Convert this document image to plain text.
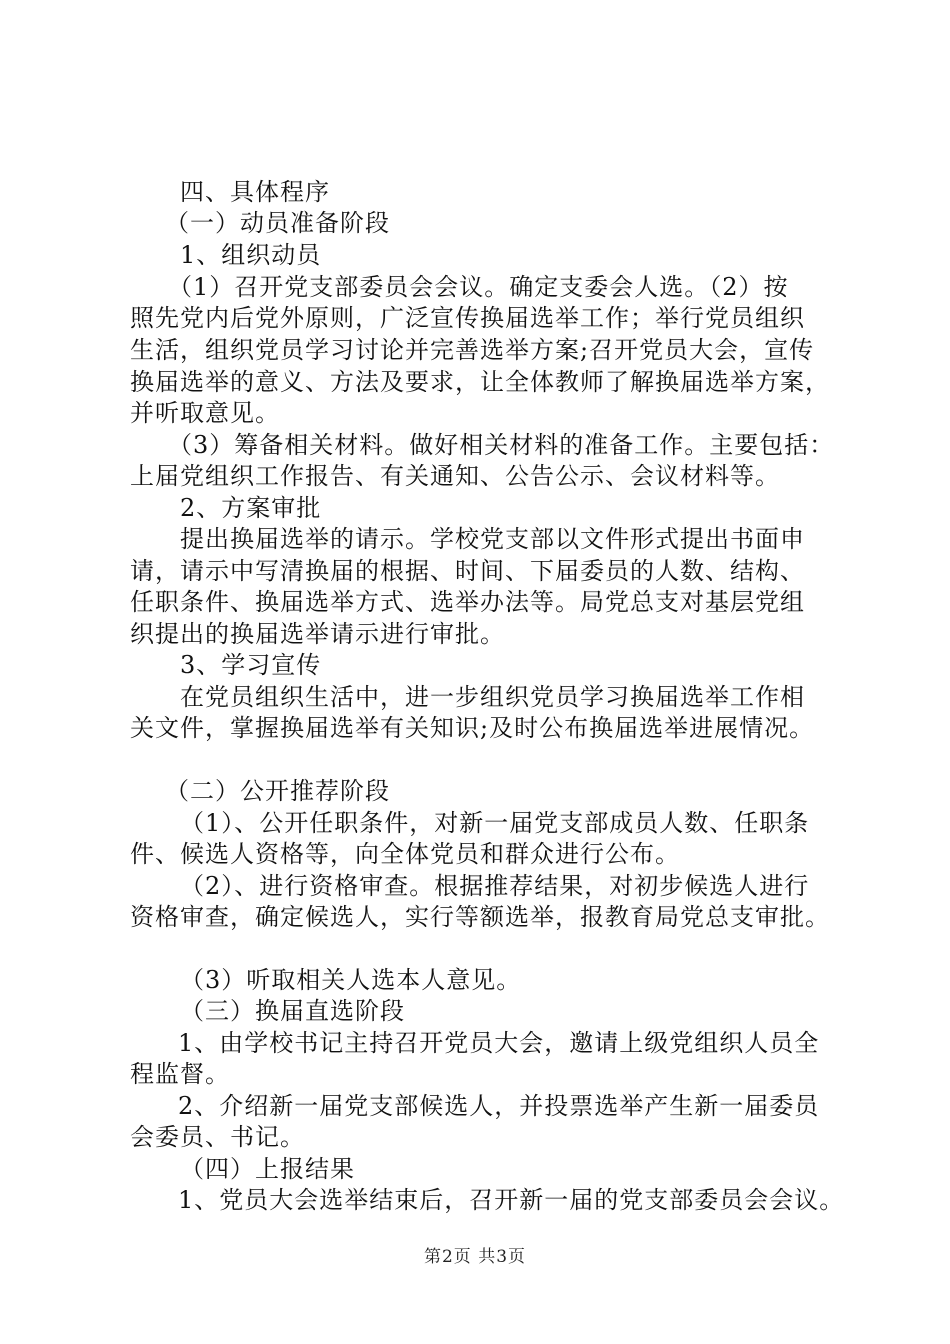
四、具体程序
（一）动员准备阶段
1、组织动员
（1）召开党支部委员会会议。确定支委会人选。（2）按
照先党内后党外原则，广泛宣传换届选举工作；举行党员组织
生活，组织党员学习讨论并完善选举方案;召开党员大会，宣传
换届选举的意义、方法及要求，让全体教师了解换届选举方案，
并听取意见。
（3）筹备相关材料。做好相关材料的准备工作。主要包括：
上届党组织工作报告、有关通知、公告公示、会议材料等。
2、方案审批
提出换届选举的请示。学校党支部以文件形式提出书面申
请，请示中写清换届的根据、时间、下届委员的人数、结构、
任职条件、换届选举方式、选举办法等。局党总支对基层党组
织提出的换届选举请示进行审批。
3、学习宣传
在党员组织生活中，进一步组织党员学习换届选举工作相
关文件，掌握换届选举有关知识;及时公布换届选举进展情况。
（二）公开推荐阶段
（1）、公开任职条件，对新一届党支部成员人数、任职条
件、候选人资格等，向全体党员和群众进行公布。
（2）、进行资格审查。根据推荐结果，对初步候选人进行
资格审查，确定候选人，实行等额选举，报教育局党总支审批。
（3）听取相关人选本人意见。
（三）换届直选阶段
1、由学校书记主持召开党员大会，邀请上级党组织人员全
程监督。
2、介绍新一届党支部候选人，并投票选举产生新一届委员
会委员、书记。
（四）上报结果
1、党员大会选举结束后，召开新一届的党支部委员会会议。
第2页 共3页
